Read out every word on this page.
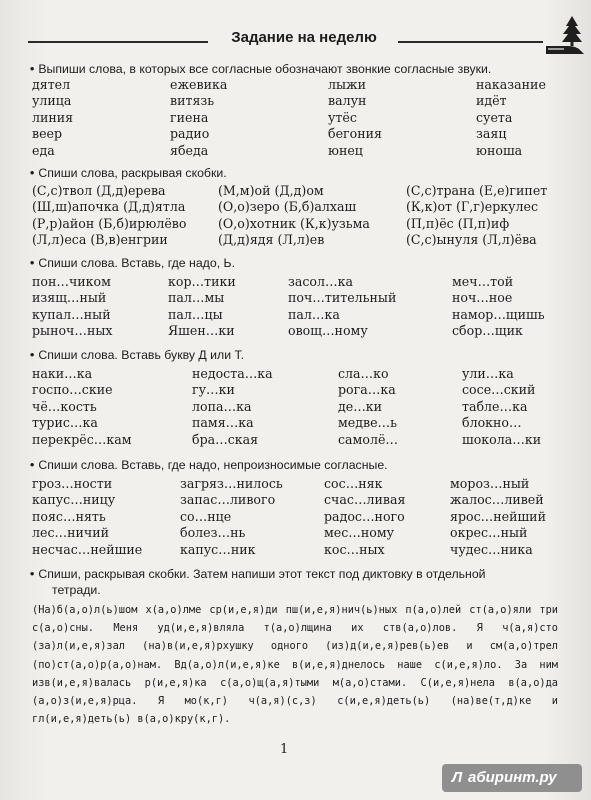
Задание на неделю
• Выпиши слова, в которых все согласные обозначают звонкие согласные звуки.
дятел	ежевика	лыжи	наказание
улица	витязь	валун	идёт
линия	гиена	утёс	суета
веер	радио	бегония	заяц
еда	ябеда	юнец	юноша
• Спиши слова, раскрывая скобки.
(С,с)твол (Д,д)ерева	(М,м)ой (Д,д)ом	(С,с)трана (Е,е)гипет
(Ш,ш)апочка (Д,д)ятла	(О,о)зеро (Б,б)алхаш	(К,к)от (Г,г)еркулес
(Р,р)айон (Б,б)ирюлёво	(О,о)хотник (К,к)узьма	(П,п)ёс (П,п)иф
(Л,л)еса (В,в)енгрии	(Д,д)ядя (Л,л)ев	(С,с)ынуля (Л,л)ёва
• Спиши слова. Вставь, где надо, Ь.
пон…чиком	кор…тики	засол…ка	меч…той
изящ…ный	пал…мы	поч…тительный	ноч…ное
купал…ный	пал…цы	пал…ка	намор…щишь
рыноч…ных	Яшен…ки	овощ…ному	сбор…щик
• Спиши слова. Вставь букву Д или Т.
наки…ка	недоста…ка	сла…ко	ули…ка
госпо…ские	гу…ки	рога…ка	сосе…ский
чё…кость	лопа…ка	де…ки	табле…ка
турис…ка	памя…ка	медве…ь	блокно…
перекрёс…кам	бра…ская	самолё…	шокола…ки
• Спиши слова. Вставь, где надо, непроизносимые согласные.
гроз…ности	загряз…нилось	сос…няк	мороз…ный
капус…ницу	запас…ливого	счас…ливая	жалос…ливей
пояс…нять	со…нце	радос…ного	ярос…нейший
лес…ничий	болез…нь	мес…ному	окрес…ный
несчас…нейшие	капус…ник	кос…ных	чудес…ника
• Спиши, раскрывая скобки. Затем напиши этот текст под диктовку в отдельной
тетради.
(На)б(а,о)л(ь)шом х(а,о)лме ср(и,е,я)ди пш(и,е,я)нич(ь)ных п(а,о)лей ст(а,о)яли три с(а,о)сны. Меня уд(и,е,я)вляла т(а,о)лщина их ств(а,о)лов. Я ч(а,я)сто (за)л(и,е,я)зал (на)в(и,е,я)рхушку одного (из)д(и,е,я)рев(ь)ев и см(а,о)трел (по)ст(а,о)р(а,о)нам. Вд(а,о)л(и,е,я)ке в(и,е,я)днелось наше с(и,е,я)ло. За ним изв(и,е,я)валась р(и,е,я)ка с(а,о)щ(а,я)тыми м(а,о)стами. С(и,е,я)нела в(а,о)да (а,о)з(и,е,я)рца. Я мо(к,г) ч(а,я)(с,з) с(и,е,я)деть(ь) (на)ве(т,д)ке и гл(и,е,я)деть(ь) в(а,о)кру(к,г).
1
Л абиринт.ру
